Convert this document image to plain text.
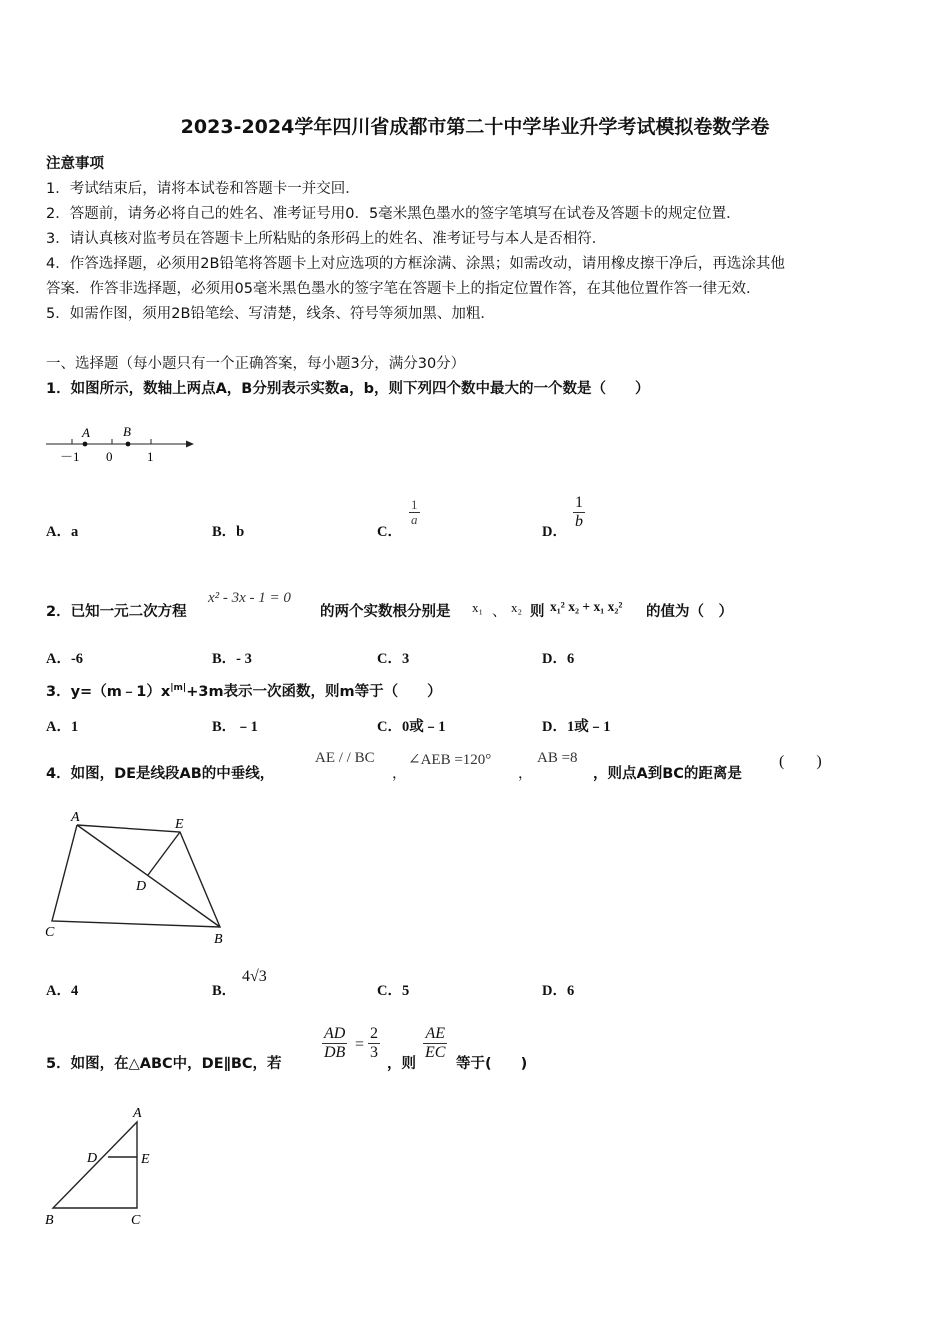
2023-2024学年四川省成都市第二十中学毕业升学考试模拟卷数学卷
注意事项
1．考试结束后，请将本试卷和答题卡一并交回．
2．答题前，请务必将自己的姓名、准考证号用0．5毫米黑色墨水的签字笔填写在试卷及答题卡的规定位置．
3．请认真核对监考员在答题卡上所粘贴的条形码上的姓名、准考证号与本人是否相符．
4．作答选择题，必须用2B铅笔将答题卡上对应选项的方框涂满、涂黑；如需改动，请用橡皮擦干净后，再选涂其他
答案．作答非选择题，必须用05毫米黑色墨水的签字笔在答题卡上的指定位置作答，在其他位置作答一律无效．
5．如需作图，须用2B铅笔绘、写清楚，线条、符号等须加黑、加粗．
一、选择题（每小题只有一个正确答案，每小题3分，满分30分）
1．如图所示，数轴上两点A，B分别表示实数a，b，则下列四个数中最大的一个数是（　　）
A	B
－1 0	1
A．a	B．b	C．
$\frac{1}{a}$
D．
$\frac{1}{b}$
2．已知一元二次方程
x² - 3x - 1 = 0
的两个实数根分别是 x₁ 、 x₂ 则 x₁² x₂ + x₁ x₂² 的值为（　）
A．-6	B．- 3	C．3	D．6
3．$y=(m﹣1)x^{|m|}+3m$表示一次函数，则m等于（　　）
A．1	B．﹣1	C．0或﹣1	D．1或﹣1
4．如图，DE是线段AB的中垂线，
AE / / BC
，
∠AEB =120°
，
AB =8
，则点A到BC的距离是
(　　)
A	E
D
C	B
A．4	B．
4√3
C．5	D．6
5．如图，在△ABC中，DE∥BC，若
$\frac{AD}{DB} = \frac{2}{3}$
，则
$\frac{AE}{EC}$
等于(　　)
A
D	E
B	C
